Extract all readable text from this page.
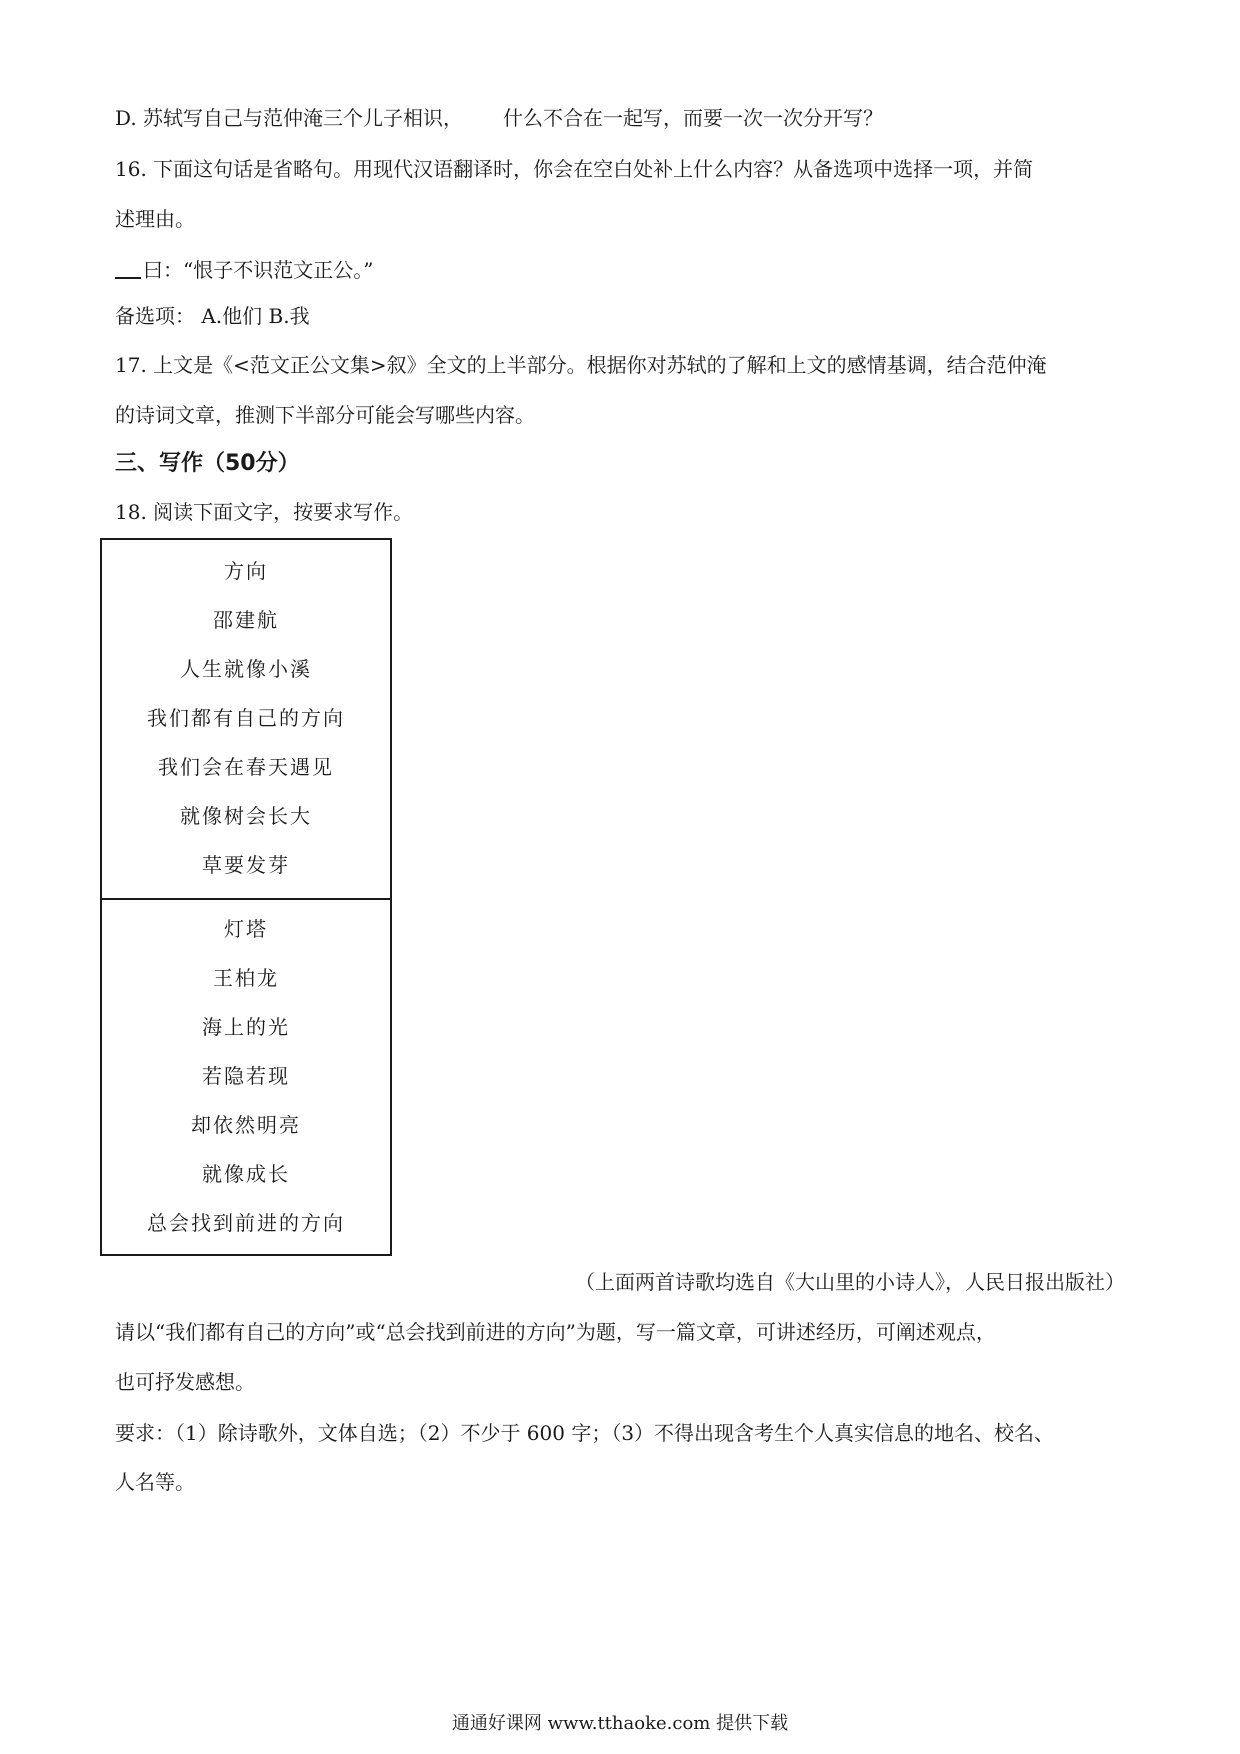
D. 苏轼写自己与范仲淹三个儿子相识， 什么不合在一起写，而要一次一次分开写？
16. 下面这句话是省略句。用现代汉语翻译时，你会在空白处补上什么内容？从备选项中选择一项，并简
述理由。
曰：“恨子不识范文正公。”
备选项： A.他们 B.我
17. 上文是《<范文正公文集>叙》全文的上半部分。根据你对苏轼的了解和上文的感情基调，结合范仲淹
的诗词文章，推测下半部分可能会写哪些内容。
三、写作（50分）
18. 阅读下面文字，按要求写作。
方向
邵建航
人生就像小溪
我们都有自己的方向
我们会在春天遇见
就像树会长大
草要发芽
灯塔
王柏龙
海上的光
若隐若现
却依然明亮
就像成长
总会找到前进的方向
（上面两首诗歌均选自《大山里的小诗人》，人民日报出版社）
请以“我们都有自己的方向”或“总会找到前进的方向”为题，写一篇文章，可讲述经历，可阐述观点，
也可抒发感想。
要求：（1）除诗歌外，文体自选；（2）不少于 600 字；（3）不得出现含考生个人真实信息的地名、校名、
人名等。
通通好课网 www.tthaoke.com 提供下载
